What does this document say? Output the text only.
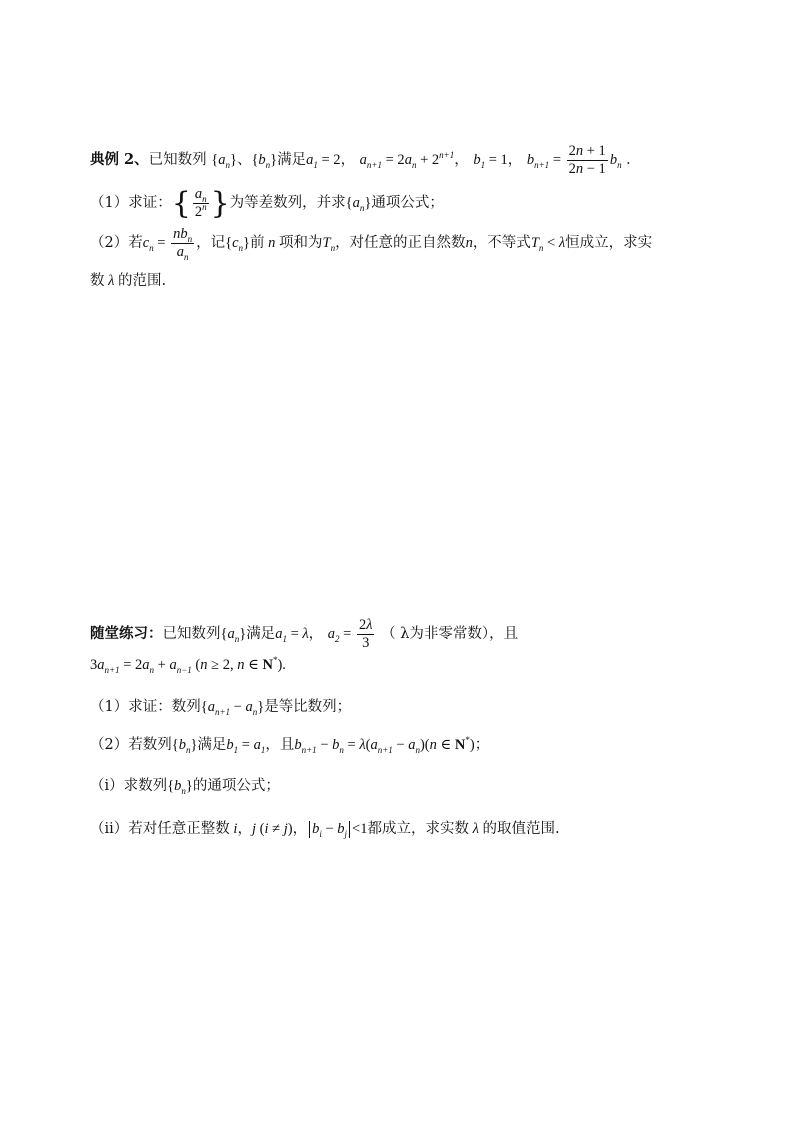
典例 2、已知数列 $\{a_n\}$、$\{b_n\}$满足$a_1 = 2$， $a_{n+1} = 2a_n + 2^{n+1}$， $b_1 = 1$， $b_{n+1} = \frac{2n + 1}{2n - 1} b_n$ ．
（1）求证：{ $\frac{a_n}{2^n}$ }为等差数列，并求$\{a_n\}$通项公式；
（2）若$c_n = \frac{nb_n}{a_n}$ ，记$\{c_n\}$前 n 项和为$T_n$，对任意的正自然数n，不等式$T_n < \lambda$恒成立，求实
数 λ 的范围.
随堂练习：已知数列$\{a_n\}$满足$a_1 = \lambda$， $a_2 = \frac{2\lambda}{3}$ （ λ为非零常数），且
$3a_{n+1} = 2a_n + a_{n-1}$ (n ≥ 2, n ∈ N*).
（1）求证：数列$\{a_{n+1} - a_n\}$是等比数列；
（2）若数列$\{b_n\}$满足$b_1 = a_1$，且$b_{n+1} - b_n = \lambda(a_{n+1} - a_n)(n$ ∈ N*)；
（i）求数列$\{b_n\}$的通项公式；
（ii）若对任意正整数 i，j (i ≠ j)， $b_i - b_j <1$都成立，求实数 λ 的取值范围.
